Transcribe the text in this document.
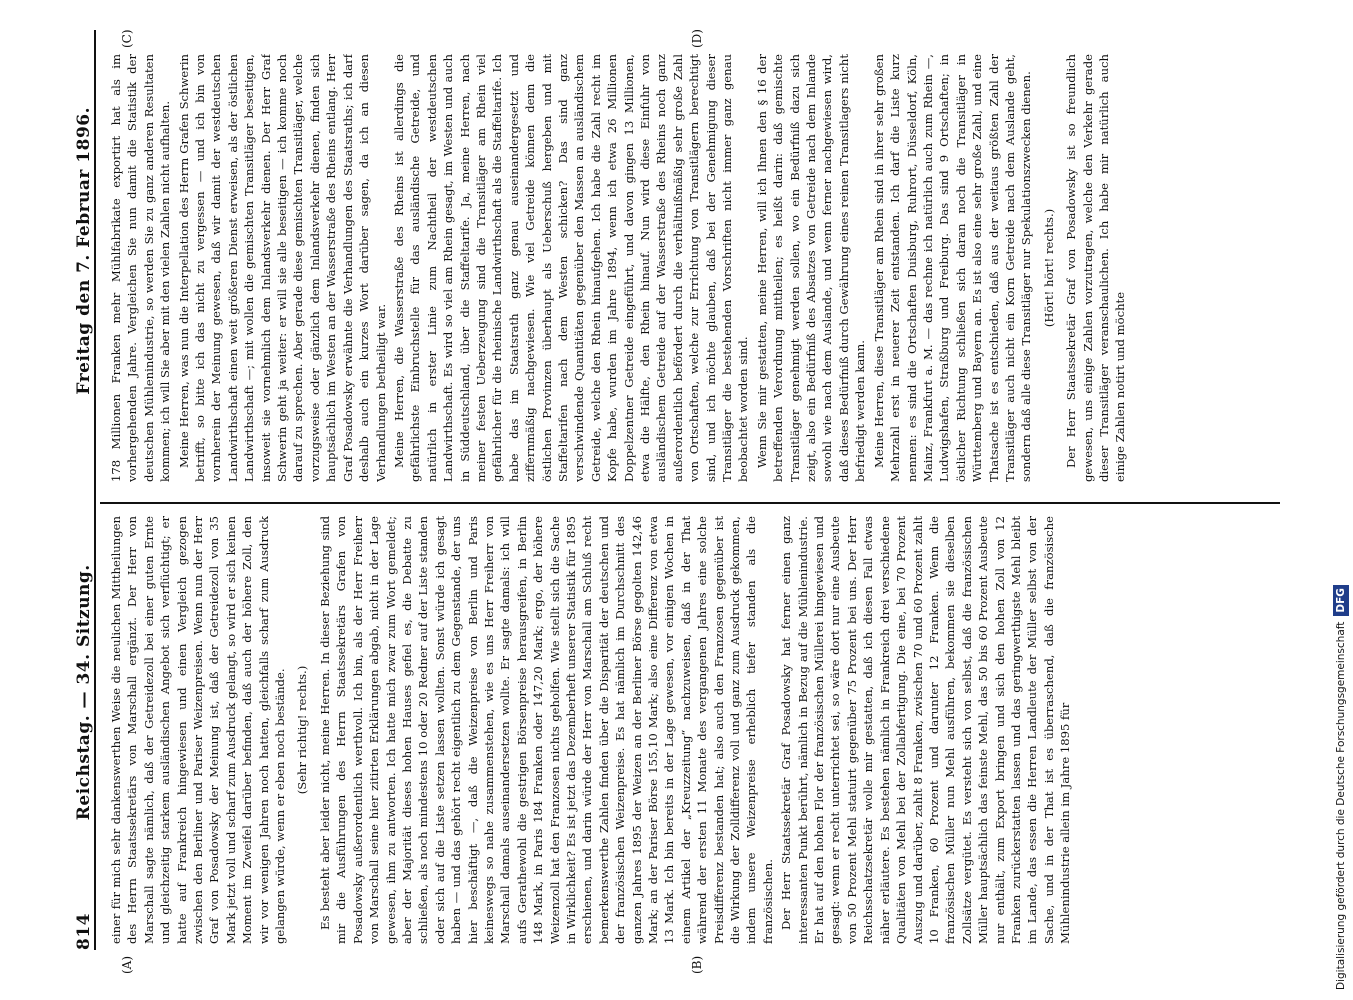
814
Reichstag. — 34. Sitzung.
Freitag den 7. Februar 1896.
(A)	(B)
(C)	(D)

einer für mich sehr dankenswerthen Weise die neulichen Mittheilungen des Herrn Staatssekretärs von Marschall ergänzt. Der Herr von Marschall sagte nämlich, daß der Getreidezoll bei einer guten Ernte und gleichzeitig starkem ausländischen Angebot sich verflüchtigt; er hatte auf Frankreich hingewiesen und einen Vergleich gezogen zwischen den Berliner und Pariser Weizenpreisen. Wenn nun der Herr Graf von Posadowsky der Meinung ist, daß der Getreidezoll von 35 Mark jetzt voll und scharf zum Ausdruck gelangt, so wird er sich keinen Moment im Zweifel darüber befinden, daß auch der höhere Zoll, den wir vor wenigen Jahren noch hatten, gleichfalls scharf zum Ausdruck gelangen würde, wenn er eben noch bestände. (Sehr richtig! rechts.) Es besteht aber leider nicht, meine Herren. In dieser Beziehung sind mir die Ausführungen des Herrn Staatssekretärs Grafen von Posadowsky außerordentlich werthvoll. Ich bin, als der Herr Freiherr von Marschall seine hier zitirten Erklärungen abgab, nicht in der Lage gewesen, ihm zu antworten. Ich hatte mich zwar zum Wort gemeldet; aber der Majorität dieses hohen Hauses gefiel es, die Debatte zu schließen, als noch mindestens 10 oder 20 Redner auf der Liste standen oder sich auf die Liste setzen lassen wollten. Sonst würde ich gesagt haben — und das gehört recht eigentlich zu dem Gegenstande, der uns hier beschäftigt —, daß die Weizenpreise von Berlin und Paris keineswegs so nahe zusammenstehen, wie es uns Herr Freiherr von Marschall damals auseinandersetzen wollte. Er sagte damals: ich will aufs Gerathewohl die gestrigen Börsenpreise herausgreifen, in Berlin 148 Mark, in Paris 184 Franken oder 147,20 Mark; ergo, der höhere Weizenzoll hat den Franzosen nichts geholfen. Wie stellt sich die Sache in Wirklichkeit? Es ist jetzt das Dezemberheft unserer Statistik für 1895 erschienen, und darin würde der Herr von Marschall am Schluß recht bemerkenswerthe Zahlen finden über die Disparität der deutschen und der französischen Weizenpreise. Es hat nämlich im Durchschnitt des ganzen Jahres 1895 der Weizen an der Berliner Börse gegolten 142,46 Mark; an der Pariser Börse 155,10 Mark; also eine Differenz von etwa 13 Mark. Ich bin bereits in der Lage gewesen, vor einigen Wochen in einem Artikel der „Kreuzzeitung“ nachzuweisen, daß in der That während der ersten 11 Monate des vergangenen Jahres eine solche Preisdifferenz bestanden hat; also auch den Franzosen gegenüber ist die Wirkung der Zolldifferenz voll und ganz zum Ausdruck gekommen, indem unsere Weizenpreise erheblich tiefer standen als die französischen. Der Herr Staatssekretär Graf Posadowsky hat ferner einen ganz interessanten Punkt berührt, nämlich in Bezug auf die Mühlenindustrie. Er hat auf den hohen Flor der französischen Müllerei hingewiesen und gesagt: wenn er recht unterrichtet sei, so wäre dort nur eine Ausbeute von 50 Prozent Mehl statuirt gegenüber 75 Prozent bei uns. Der Herr Reichsschatzsekretär wolle mir gestatten, daß ich diesen Fall etwas näher erläutere. Es bestehen nämlich in Frankreich drei verschiedene Qualitäten von Mehl bei der Zollabfertigung. Die eine, bei 70 Prozent Auszug und darüber, zahlt 8 Franken, zwischen 70 und 60 Prozent zahlt 10 Franken, 60 Prozent und darunter 12 Franken. Wenn die französischen Müller nun Mehl ausführen, bekommen sie dieselben Zollsätze vergütet. Es versteht sich von selbst, daß die französischen Müller hauptsächlich das feinste Mehl, das 50 bis 60 Prozent Ausbeute nur enthält, zum Export bringen und sich den hohen Zoll von 12 Franken zurückerstatten lassen und das geringwerthigste Mehl bleibt im Lande, das essen die Herren Landleute der Müller selbst von der Sache, und in der That ist es überraschend, daß die französische Mühlenindustrie allein im Jahre 1895 für

178 Millionen Franken mehr Mühlfabrikate exportirt hat als im vorhergehenden Jahre. Vergleichen Sie nun damit die Statistik der deutschen Mühlenindustrie, so werden Sie zu ganz anderen Resultaten kommen; ich will Sie aber mit den vielen Zahlen nicht aufhalten. Meine Herren, was nun die Interpellation des Herrn Grafen Schwerin betrifft, so bitte ich das nicht zu vergessen — und ich bin von vornherein der Meinung gewesen, daß wir damit der westdeutschen Landwirthschaft einen weit größeren Dienst erweisen, als der östlichen Landwirthschaft —; mit wollen die gemischten Transitläger beseitigen, insoweit sie vornehmlich dem Inlandsverkehr dienen. Der Herr Graf Schwerin geht ja weiter: er will sie alle beseitigen — ich komme noch darauf zu sprechen. Aber gerade diese gemischten Transitläger, welche vorzugsweise oder gänzlich dem Inlandsverkehr dienen, finden sich hauptsächlich im Westen an der Wasserstraße des Rheins entlang. Herr Graf Posadowsky erwähnte die Verhandlungen des Staatsraths; ich darf deshalb auch ein kurzes Wort darüber sagen, da ich an diesen Verhandlungen betheiligt war. Meine Herren, die Wasserstraße des Rheins ist allerdings die gefährlichste Einbruchstelle für das ausländische Getreide, und natürlich in erster Linie zum Nachtheil der westdeutschen Landwirthschaft. Es wird so viel am Rhein gesagt, im Westen und auch in Süddeutschland, über die Staffeltarife. Ja, meine Herren, nach meiner festen Ueberzeugung sind die Transitläger am Rhein viel gefährlicher für die rheinische Landwirthschaft als die Staffeltarife. Ich habe das im Staatsrath ganz genau auseinandergesetzt und ziffernmäßig nachgewiesen. Wie viel Getreide können denn die östlichen Provinzen überhaupt als Ueberschuß hergeben und mit Staffeltarifen nach dem Westen schicken? Das sind ganz verschwindende Quantitäten gegenüber den Massen an ausländischem Getreide, welche den Rhein hinaufgehen. Ich habe die Zahl recht im Kopfe habe, wurden im Jahre 1894, wenn ich etwa 26 Millionen Doppelzentner Getreide eingeführt, und davon gingen 13 Millionen, etwa die Hälfte, den Rhein hinauf. Nun wird diese Einfuhr von ausländischem Getreide auf der Wasserstraße des Rheins noch ganz außerordentlich befördert durch die verhältnißmäßig sehr große Zahl von Ortschaften, welche zur Errichtung von Transitlägern berechtigt sind, und ich möchte glauben, daß bei der Genehmigung dieser Transitläger die bestehenden Vorschriften nicht immer ganz genau beobachtet worden sind. Wenn Sie mir gestatten, meine Herren, will ich Ihnen den § 16 der betreffenden Verordnung mittheilen; es heißt darin: daß gemischte Transitläger genehmigt werden sollen, wo ein Bedürfniß dazu sich zeigt, also ein Bedürfniß des Absatzes von Getreide nach dem Inlande sowohl wie nach dem Auslande, und wenn ferner nachgewiesen wird, daß dieses Bedürfniß durch Gewährung eines reinen Transitlagers nicht befriedigt werden kann. Meine Herren, diese Transitläger am Rhein sind in ihrer sehr großen Mehrzahl erst in neuerer Zeit entstanden. Ich darf die Liste kurz nennen: es sind die Ortschaften Duisburg, Ruhrort, Düsseldorf, Köln, Mainz, Frankfurt a. M. — das rechne ich natürlich auch zum Rhein —, Ludwigshafen, Straßburg und Freiburg. Das sind 9 Ortschaften; in östlicher Richtung schließen sich daran noch die Transitläger in Württemberg und Bayern an. Es ist also eine sehr große Zahl, und eine Thatsache ist es entschieden, daß aus der weitaus größten Zahl der Transitläger auch nicht ein Korn Getreide nach dem Auslande geht, sondern daß alle diese Transitläger nur Spekulationszwecken dienen. (Hört! hört! rechts.) Der Herr Staatssekretär Graf von Posadowsky ist so freundlich gewesen, uns einige Zahlen vorzutragen, welche den Verkehr gerade dieser Transitläger veranschaulichen. Ich habe mir natürlich auch einige Zahlen notirt und möchte

Digitalisierung gefördert durch die Deutsche ForschungsgemeinschaftDFG
